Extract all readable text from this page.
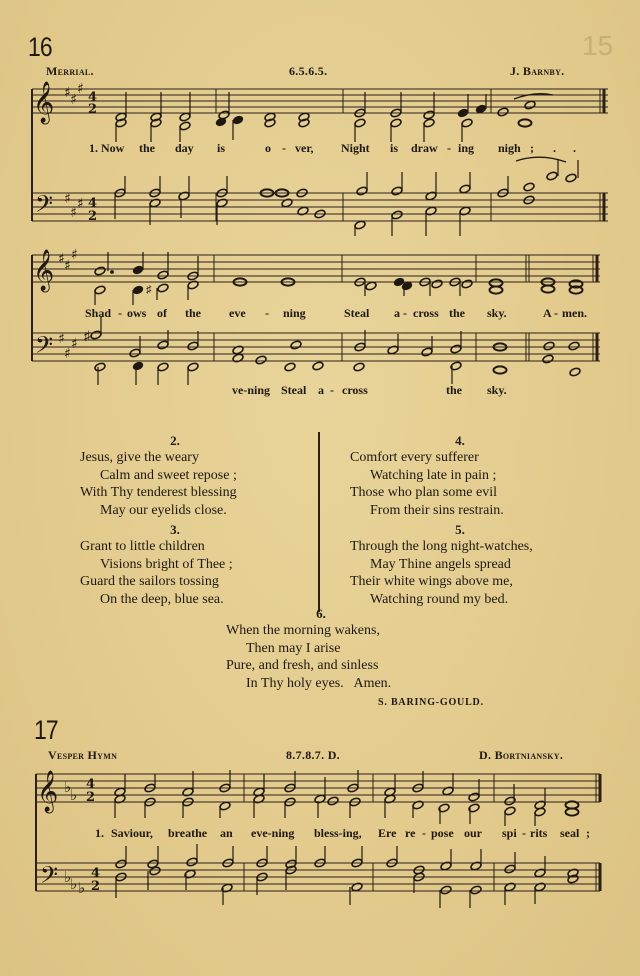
15
16
Merrial.	6.5.6.5.	J. Barnby.
𝄞
𝄢
♯ ♯
♯
♯
♯
♯
4
2
4
2
𝄞
𝄢
♯ ♯
♯
♯
♯
♯
♯
♯
𝄞
𝄢
♭
♭
♭
♭ ♭
4
2
4
2
1. Now the day is	o - ver, Night is draw - ing nigh ; . .
Shad - ows of the eve - ning	Steal a - cross the sky.	A - men.
ve-ning Steal a - cross	the sky.
2.
Jesus, give the weary
Calm and sweet repose ;
With Thy tenderest blessing
May our eyelids close.
3.
Grant to little children
Visions bright of Thee ;
Guard the sailors tossing
On the deep, blue sea.
4.
Comfort every sufferer
Watching late in pain ;
Those who plan some evil
From their sins restrain.
5.
Through the long night-watches,
May Thine angels spread
Their white wings above me,
Watching round my bed.
6.
When the morning wakens,
Then may I arise
Pure, and fresh, and sinless
In Thy holy eyes.   Amen.
S. BARING-GOULD.
17
Vesper Hymn	8.7.8.7. D.	D. Bortniansky.
1. Saviour, breathe an eve-ning bless-ing, Ere re - pose our spi - rits seal ;
